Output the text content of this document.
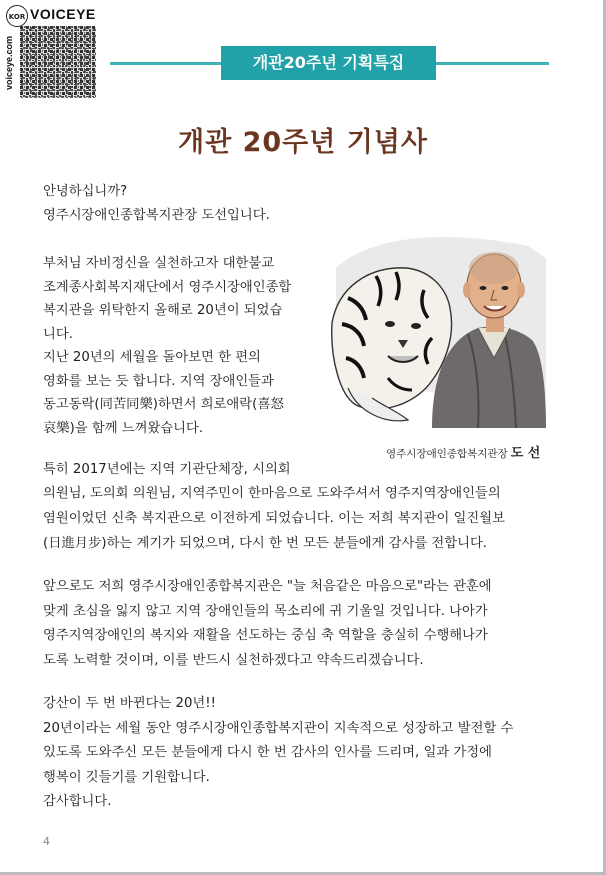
KOR VOICEYE
voiceye.com	개관20주년 기획특집
개관 20주년 기념사
안녕하십니까?
영주시장애인종합복지관장 도선입니다.
부처님 자비정신을 실천하고자 대한불교
조계종사회복지재단에서 영주시장애인종합
복지관을 위탁한지 올해로 20년이 되었습
니다.
지난 20년의 세월을 돌아보면 한 편의
영화를 보는 듯 합니다. 지역 장애인들과
동고동락(同苦同樂)하면서 희로애락(喜怒
哀樂)을 함께 느껴왔습니다.
영주시장애인종합복지관장 도 선
특히 2017년에는 지역 기관단체장, 시의회
의원님, 도의회 의원님, 지역주민이 한마음으로 도와주셔서 영주지역장애인들의
염원이었던 신축 복지관으로 이전하게 되었습니다. 이는 저희 복지관이 일진월보
(日進月步)하는 계기가 되었으며, 다시 한 번 모든 분들에게 감사를 전합니다.
앞으로도 저희 영주시장애인종합복지관은 "늘 처음같은 마음으로"라는 관훈에
맞게 초심을 잃지 않고 지역 장애인들의 목소리에 귀 기울일 것입니다. 나아가
영주지역장애인의 복지와 재활을 선도하는 중심 축 역할을 충실히 수행해나가
도록 노력할 것이며, 이를 반드시 실천하겠다고 약속드리겠습니다.
강산이 두 번 바뀐다는 20년!!
20년이라는 세월 동안 영주시장애인종합복지관이 지속적으로 성장하고 발전할 수
있도록 도와주신 모든 분들에게 다시 한 번 감사의 인사를 드리며, 일과 가정에
행복이 깃들기를 기원합니다.
감사합니다.
4
